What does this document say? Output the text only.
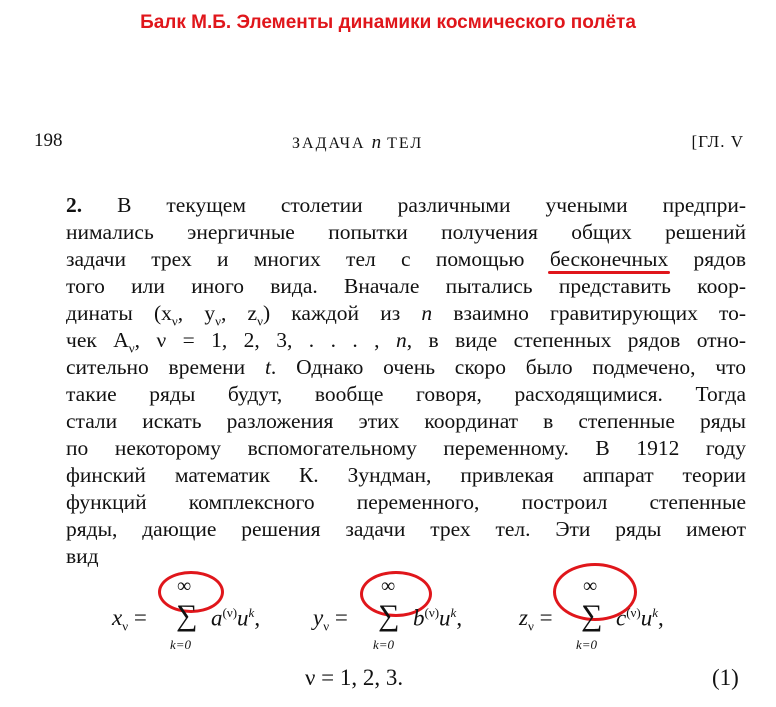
Балк М.Б. Элементы динамики космического полёта
198	ЗАДАЧА n ТЕЛ	[ГЛ. V
2. В текущем столетии различными учеными предпри-
нимались энергичные попытки получения общих решений
задачи трех и многих тел с помощью бесконечных рядов
того или иного вида. Вначале пытались представить коор-
динаты ($x_\nu$, $y_\nu$, $z_\nu$) каждой из n взаимно гравитирующих то-
чек $A_\nu$, ν = 1, 2, 3, . . . , n, в виде степенных рядов отно-
сительно времени t. Однако очень скоро было подмечено, что
такие ряды будут, вообще говоря, расходящимися. Тогда
стали искать разложения этих координат в степенные ряды
по некоторому вспомогательному переменному. В 1912 году
финский математик К. Зундман, привлекая аппарат теории
функций комплексного переменного, построил степенные
ряды, дающие решения задачи трех тел. Эти ряды имеют
вид
$x_\nu$ =
∞
∑
k=0
$a^{(\nu)}u^k$, $y_\nu$ =
∞
∑
k=0
$b^{(\nu)}u^k$, $z_\nu$ =
∞
∑
k=0
$c^{(\nu)}u^k$,
ν = 1, 2, 3.	(1)
